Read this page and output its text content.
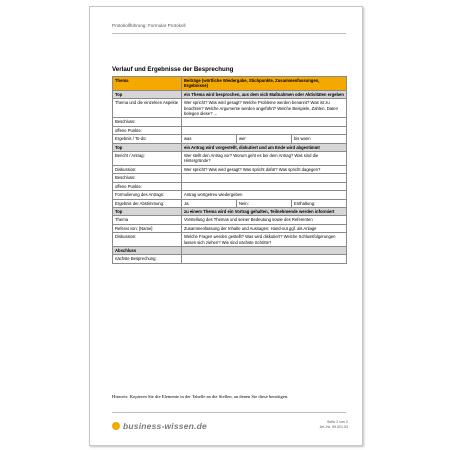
Protokollführung: Formular Protokoll
Verlauf und Ergebnisse der Besprechung
Thema	Beiträge (wörtliche Wiedergabe, Stichpunkte, Zusammenfassungen, Ergebnisse)		
Top	ein Thema wird besprochen, aus dem sich Maßnahmen oder Aktivitäten ergeben		
Thema und die einzelnen Aspekte	Wer spricht? Was wird gesagt? Welche Probleme werden benannt? Was ist zu beachten? Welche Argumente werden angeführt? Welche Beispiele, Zahlen, Daten belegen diese? ...		
Beschluss:			
offene Punkte:			
Ergebnis / To-do:	was	wer	bis wann
Top	ein Antrag wird vorgestellt, diskutiert und am Ende wird abgestimmt		
Bericht / Antrag:	Wer stellt den Antrag vor? Worum geht es bei dem Antrag? Was sind die Hintergründe?		
Diskussion:	Wer spricht? Was wird gesagt? Was spricht dafür? Was spricht dagegen?		
Beschluss:			
offene Punkte:			
Formulierung des Antrags:	Antrag wortgetreu wiedergeben		
Ergebnis der Abstimmung:	Ja:	Nein:	Enthaltung:
Top	zu einem Thema wird ein Vortrag gehalten, Teilnehmende werden informiert		
Thema	Vorstellung des Themas und seiner Bedeutung sowie des Referenten		
Referat von: [Name]	Zusammenfassung der Inhalte und Aussagen; Hand-out ggf. als Anlage		
Diskussion:	Welche Fragen werden gestellt? Was wird diskutiert? Welche Schlussfolgerungen lassen sich ziehen? Wie sind nächste Schritte?		
Abschluss			
nächste Besprechung:			
Hinweis: Kopieren Sie die Elemente in der Tabelle an die Stellen, an denen Sie diese benötigen.
business-wissen.de	Seite 2 von 2
Art.-Nr. 99.021.03
